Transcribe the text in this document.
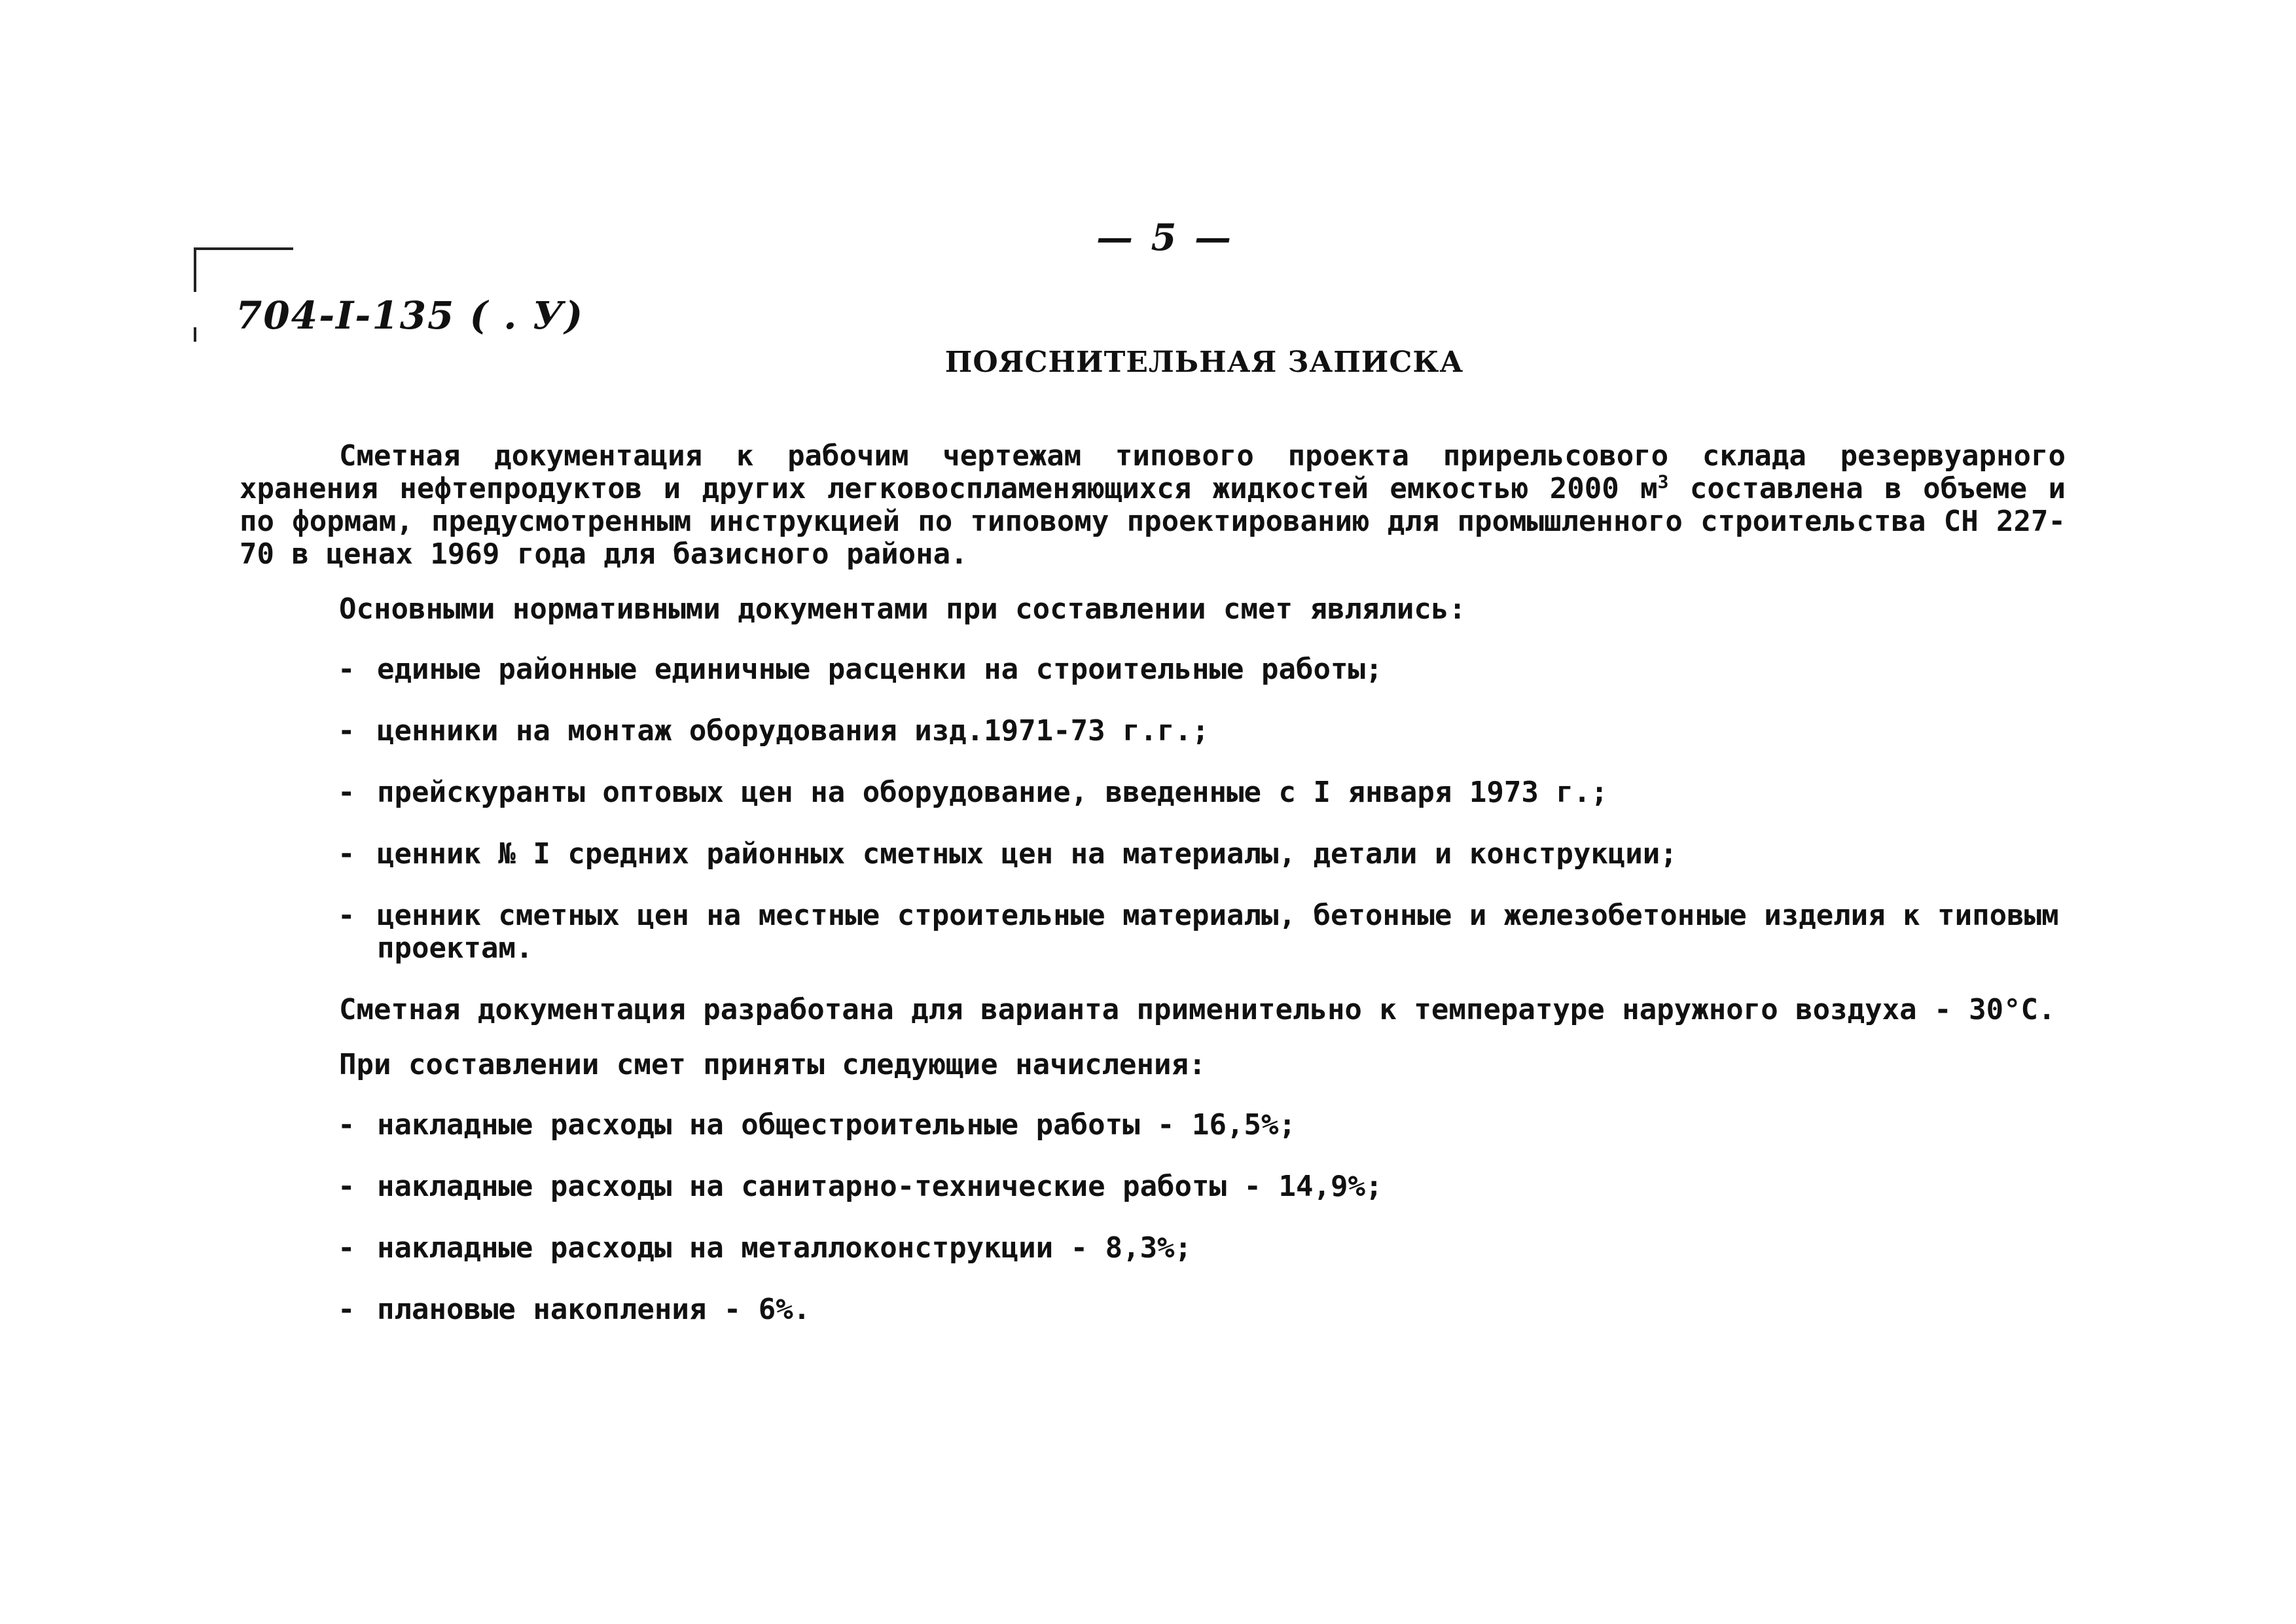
— 5 —
704-I-135 ( . У)
ПОЯСНИТЕЛЬНАЯ ЗАПИСКА

Сметная документация к рабочим чертежам типового проекта прирельсового склада резервуарного хранения нефтепродуктов и других легковоспламеняющихся жидкостей емкостью 2000 $м^3$ составлена в объеме и по формам, предусмотренным инструкцией по типовому проектированию для промышленного строительства СН 227-70 в ценах 1969 года для базисного района.

Основными нормативными документами при составлении смет являлись:

- единые районные единичные расценки на строительные работы;

- ценники на монтаж оборудования изд.1971-73 г.г.;

- прейскуранты оптовых цен на оборудование, введенные с I января 1973 г.;

- ценник № I средних районных сметных цен на материалы, детали и конструкции;

- ценник сметных цен на местные строительные материалы, бетонные и железобетонные изделия к типовым проектам.

Сметная документация разработана для варианта применительно к температуре наружного воздуха - 30°С.

При составлении смет приняты следующие начисления:

- накладные расходы на общестроительные работы - 16,5%;

- накладные расходы на санитарно-технические работы - 14,9%;

- накладные расходы на металлоконструкции - 8,3%;

- плановые накопления - 6%.
